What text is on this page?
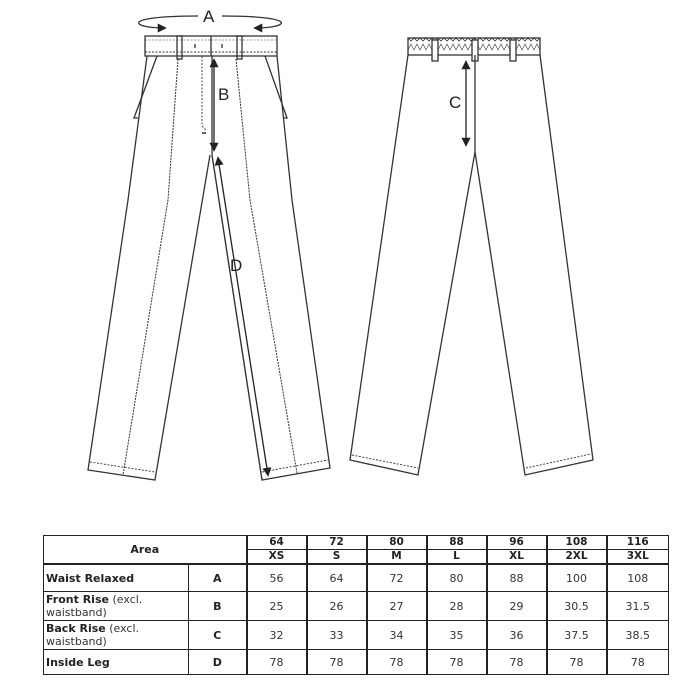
A
B
D
C
Area		64	72	80	88	96	108	116
		XS	S	M	L	XL	2XL	3XL
Waist Relaxed	A	56	64	72	80	88	100	108
Front Rise (excl. waistband)	B	25	26	27	28	29	30.5	31.5
Back Rise (excl. waistband)	C	32	33	34	35	36	37.5	38.5
Inside Leg	D	78	78	78	78	78	78	78
